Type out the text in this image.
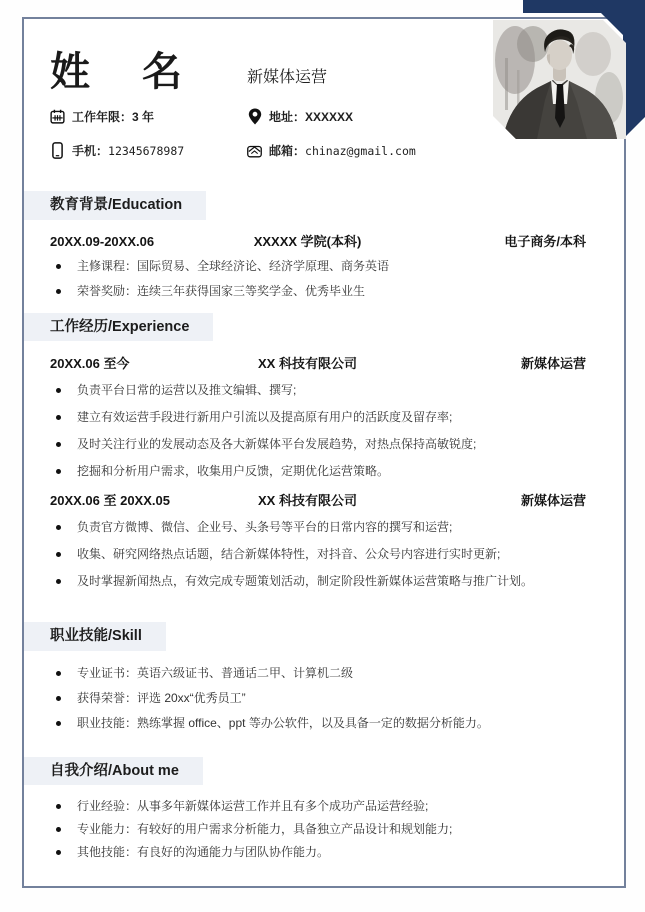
姓　名	新媒体运营
工作年限： 3 年	地址： XXXXXX
手机： 12345678987	邮箱： chinaz@gmail.com
教育背景/Education
20XX.09-20XX.06	XXXXX 学院(本科)	电子商务/本科
主修课程：国际贸易、全球经济论、经济学原理、商务英语
荣誉奖励：连续三年获得国家三等奖学金、优秀毕业生
工作经历/Experience
20XX.06 至今	XX 科技有限公司	新媒体运营
负责平台日常的运营以及推文编辑、撰写;
建立有效运营手段进行新用户引流以及提高原有用户的活跃度及留存率;
及时关注行业的发展动态及各大新媒体平台发展趋势，对热点保持高敏锐度;
挖掘和分析用户需求，收集用户反馈，定期优化运营策略。
20XX.06 至 20XX.05	XX 科技有限公司	新媒体运营
负责官方微博、微信、企业号、头条号等平台的日常内容的撰写和运营;
收集、研究网络热点话题，结合新媒体特性，对抖音、公众号内容进行实时更新;
及时掌握新闻热点，有效完成专题策划活动，制定阶段性新媒体运营策略与推广计划。
职业技能/Skill
专业证书：英语六级证书、普通话二甲、计算机二级
获得荣誉：评选 20xx“优秀员工”
职业技能：熟练掌握 office、ppt 等办公软件，以及具备一定的数据分析能力。
自我介绍/About me
行业经验：从事多年新媒体运营工作并且有多个成功产品运营经验;
专业能力：有较好的用户需求分析能力，具备独立产品设计和规划能力;
其他技能：有良好的沟通能力与团队协作能力。
